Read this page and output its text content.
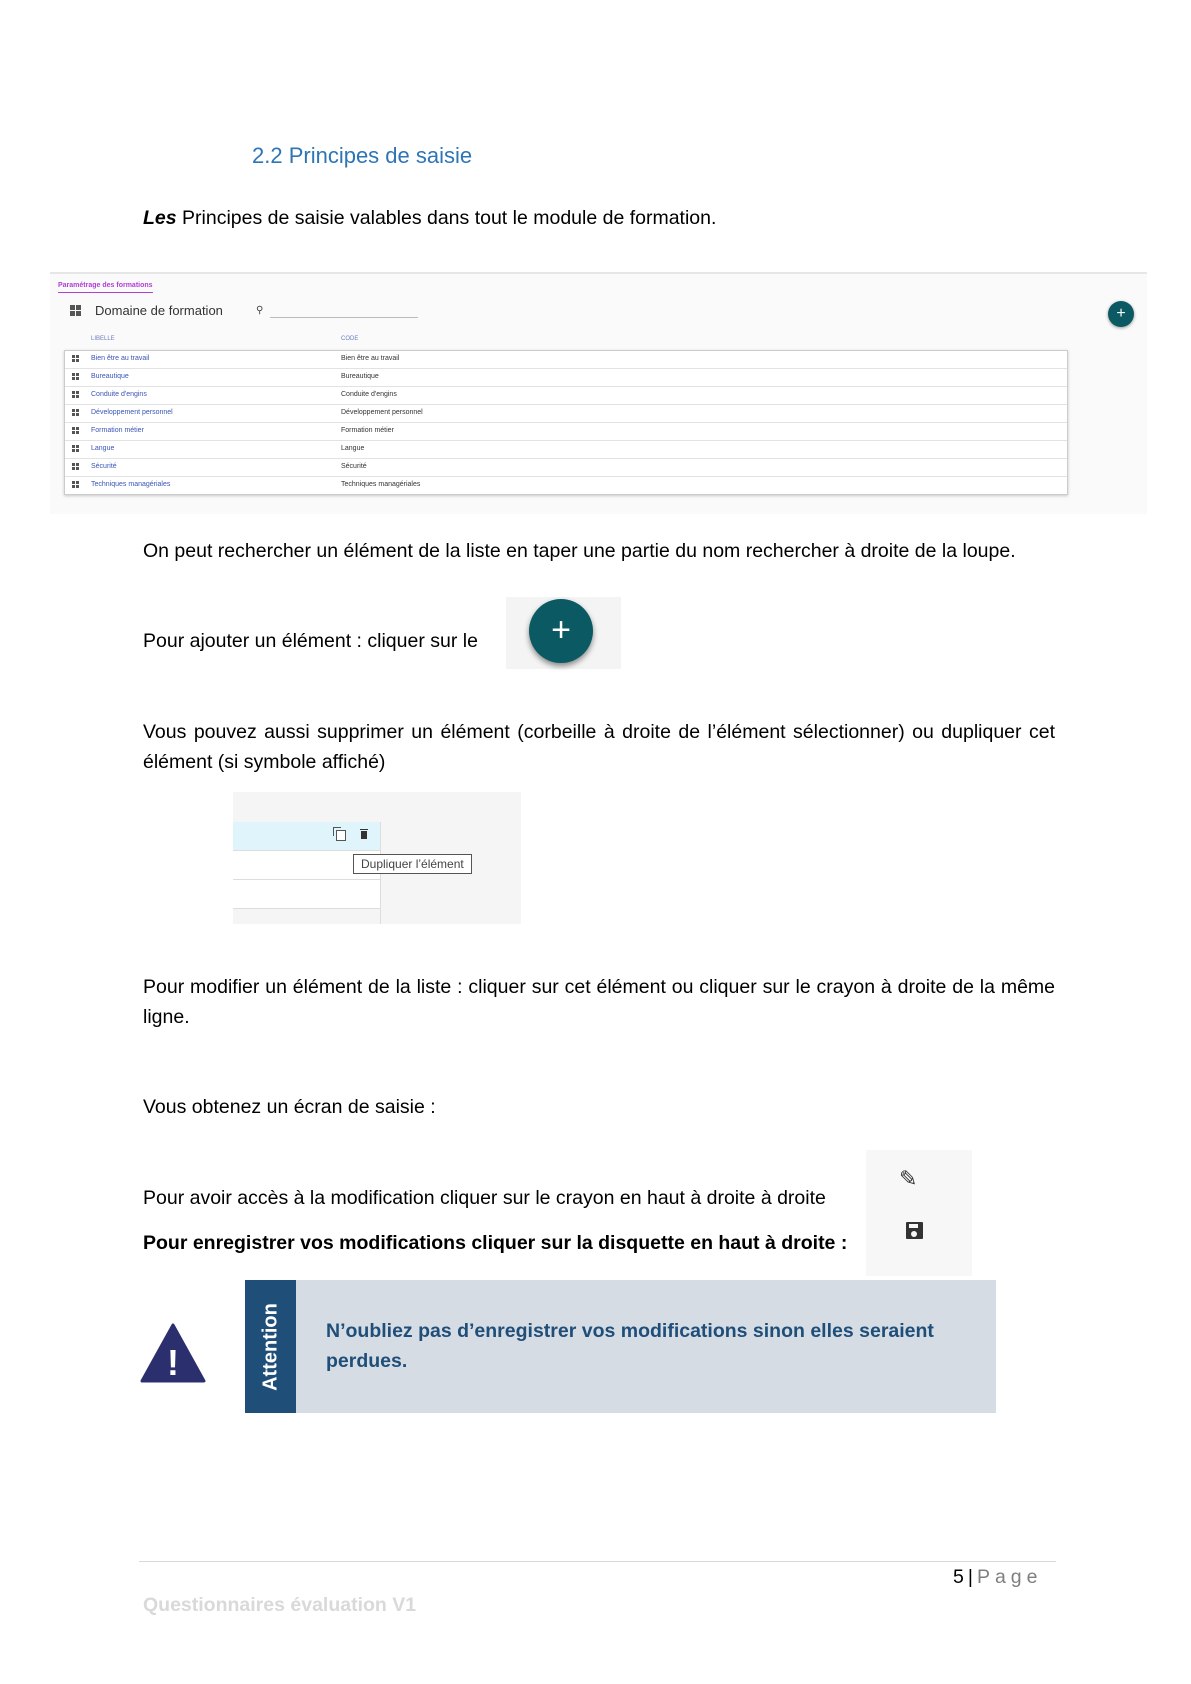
2.2 Principes de saisie

Les Principes de saisie valables dans tout le module de formation.

Paramétrage des formations
Domaine de formation	⚲	+
LIBELLE	CODE
Bien être au travail	Bien être au travail
Bureautique	Bureautique
Conduite d'engins	Conduite d'engins
Développement personnel	Développement personnel
Formation métier	Formation métier
Langue	Langue
Sécurité	Sécurité
Techniques managériales	Techniques managériales

On peut rechercher un élément de la liste en taper une partie du nom rechercher à droite de la loupe.

Pour ajouter un élément : cliquer sur le	+

Vous pouvez aussi supprimer un élément (corbeille à droite de l’élément sélectionner) ou dupliquer cet élément (si symbole affiché)

Dupliquer l’élément

Pour modifier un élément de la liste : cliquer sur cet élément ou cliquer sur le crayon à droite de la même ligne.

Vous obtenez un écran de saisie :

Pour avoir accès à la modification cliquer sur le crayon en haut à droite à droite

Pour enregistrer vos modifications cliquer sur la disquette en haut à droite :

✎
!	Attention N’oubliez pas d’enregistrer vos modifications sinon elles seraient perdues.
5 | Page
Questionnaires évaluation V1
